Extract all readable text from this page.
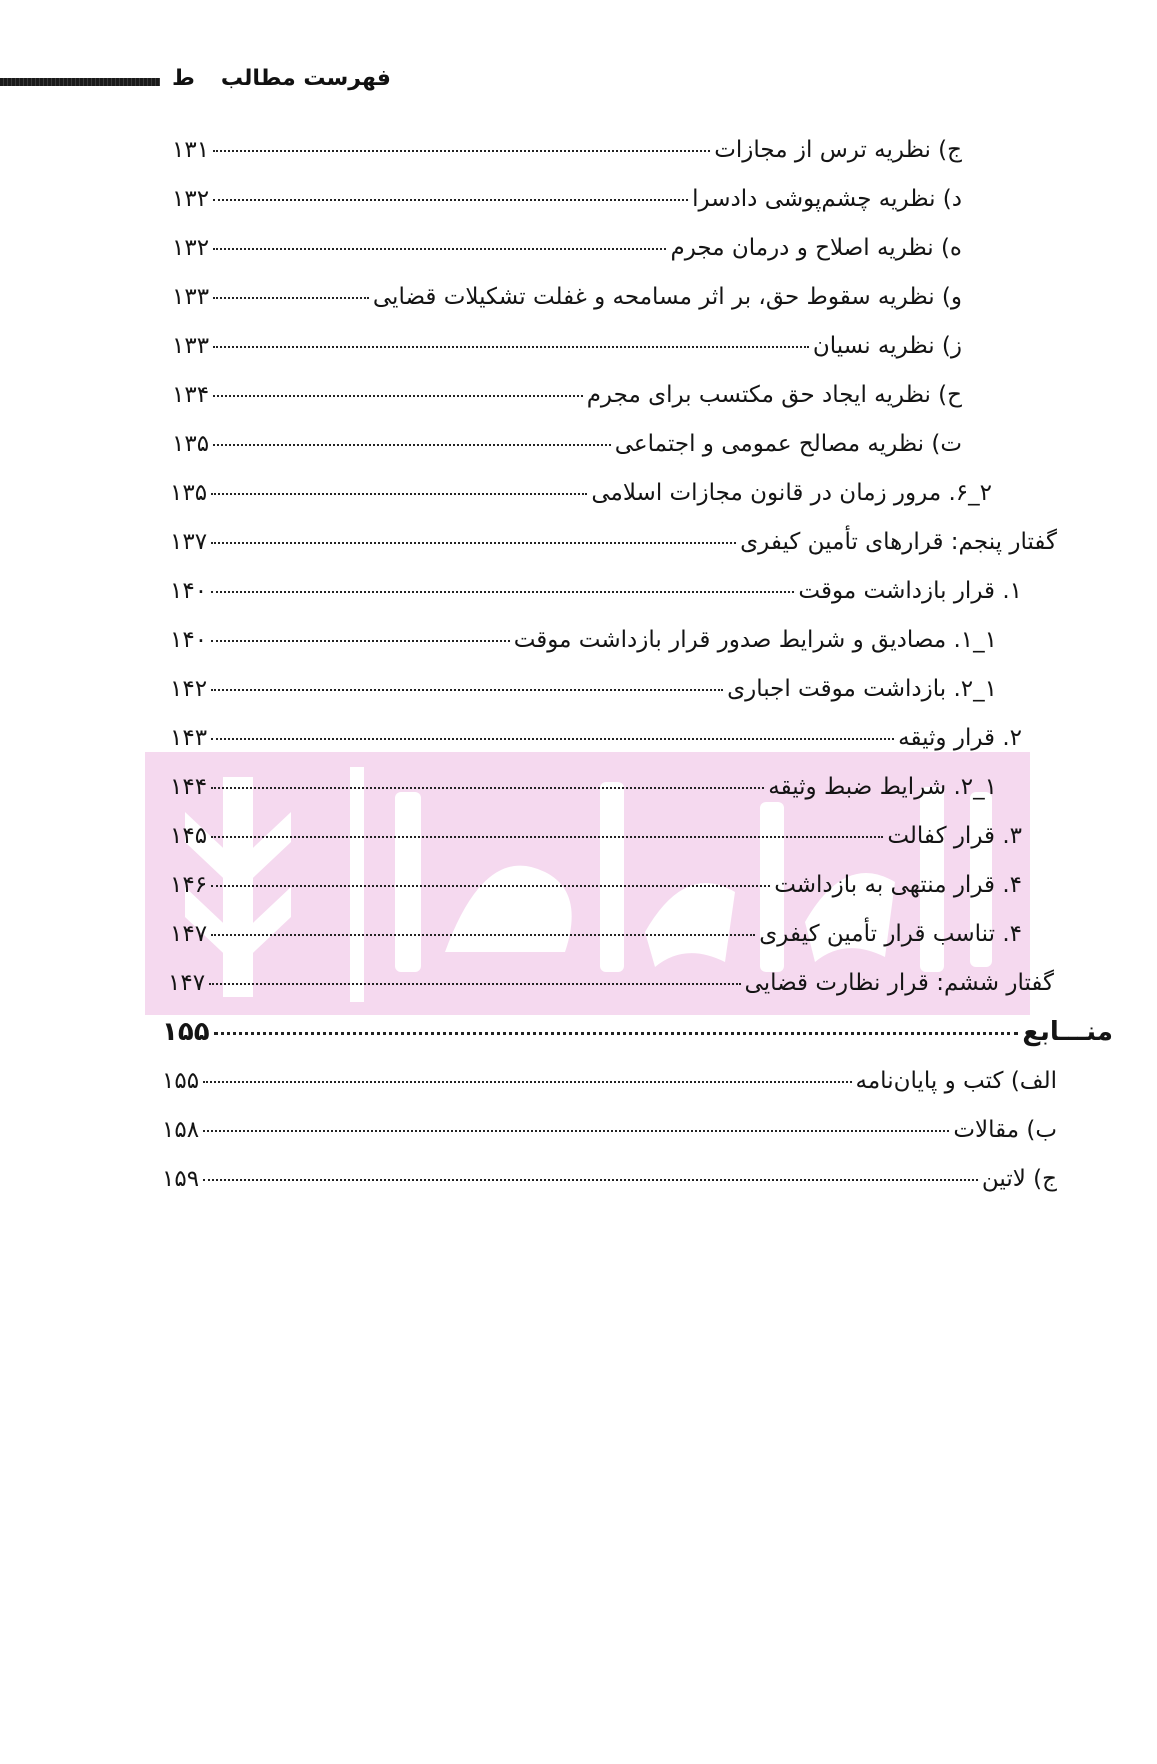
فهرست مطالب
ط
ج) نظریه ترس از مجازات
۱۳۱
د) نظریه چشم‌پوشی دادسرا
۱۳۲
ه) نظریه اصلاح و درمان مجرم
۱۳۲
و) نظریه سقوط حق، بر اثر مسامحه و غفلت تشکیلات قضایی
۱۳۳
ز) نظریه نسیان
۱۳۳
ح) نظریه ایجاد حق مکتسب برای مجرم
۱۳۴
ت) نظریه مصالح عمومی و اجتماعی
۱۳۵
۲_۶. مرور زمان در قانون مجازات اسلامی
۱۳۵
گفتار پنجم: قرارهای تأمین کیفری
۱۳۷
۱. قرار بازداشت موقت
۱۴۰
۱_۱. مصادیق و شرایط صدور قرار بازداشت موقت
۱۴۰
۱_۲. بازداشت موقت اجباری
۱۴۲
۲. قرار وثیقه
۱۴۳
۱_۲. شرایط ضبط وثیقه
۱۴۴
۳. قرار کفالت
۱۴۵
۴. قرار منتهی به بازداشت
۱۴۶
۴. تناسب قرار تأمین کیفری
۱۴۷
گفتار ششم: قرار نظارت قضایی
۱۴۷
منـــابع
۱۵۵
الف) کتب و پایان‌نامه
۱۵۵
ب) مقالات
۱۵۸
ج) لاتین
۱۵۹
